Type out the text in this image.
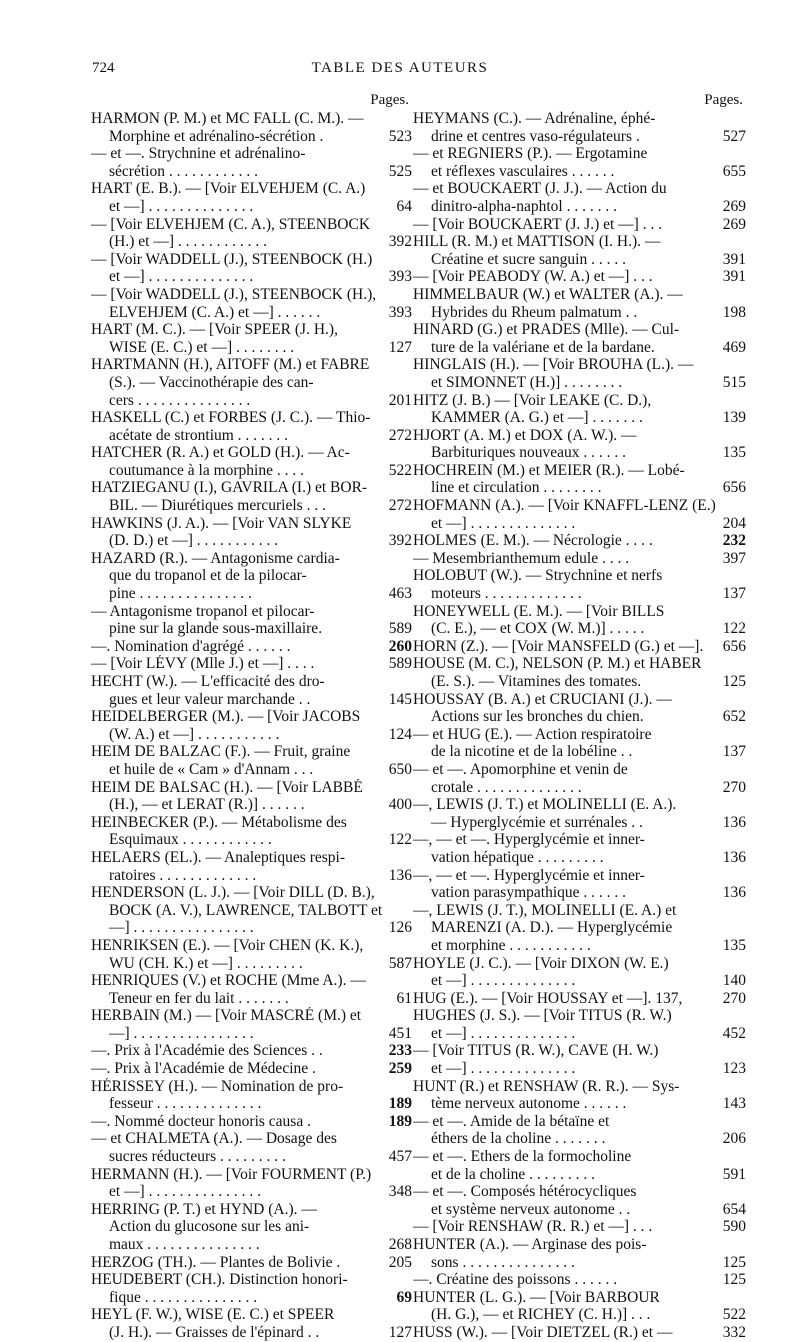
724	TABLE DES AUTEURS
Pages.
HARMON (P. M.) et MC FALL (C. M.). —
Morphine et adrénalino-sécrétion .	523
— et —. Strychnine et adrénalino-
sécrétion . . . . . . . . . . . .	525
HART (E. B.). — [Voir ELVEHJEM (C. A.)
et —] . . . . . . . . . . . . . .	64
— [Voir ELVEHJEM (C. A.), STEENBOCK
(H.) et —] . . . . . . . . . . . .	392
— [Voir WADDELL (J.), STEENBOCK (H.)
et —] . . . . . . . . . . . . . .	393
— [Voir WADDELL (J.), STEENBOCK (H.),
ELVEHJEM (C. A.) et —] . . . . . .	393
HART (M. C.). — [Voir SPEER (J. H.),
WISE (E. C.) et —] . . . . . . . .	127
HARTMANN (H.), AITOFF (M.) et FABRE
(S.). — Vaccinothérapie des can-
cers . . . . . . . . . . . . . . .	201
HASKELL (C.) et FORBES (J. C.). — Thio-
acétate de strontium . . . . . . .	272
HATCHER (R. A.) et GOLD (H.). — Ac-
coutumance à la morphine . . . .	522
HATZIEGANU (I.), GAVRILA (I.) et BOR-
BIL. — Diurétiques mercuriels . . .	272
HAWKINS (J. A.). — [Voir VAN SLYKE
(D. D.) et —] . . . . . . . . . . .	392
HAZARD (R.). — Antagonisme cardia-
que du tropanol et de la pilocar-
pine . . . . . . . . . . . . . . .	463
— Antagonisme tropanol et pilocar-
pine sur la glande sous-maxillaire.	589
—. Nomination d'agrégé . . . . . .	260
— [Voir LÉVY (Mlle J.) et —] . . . .	589
HECHT (W.). — L'efficacité des dro-
gues et leur valeur marchande . .	145
HEIDELBERGER (M.). — [Voir JACOBS
(W. A.) et —] . . . . . . . . . . .	124
HEIM DE BALZAC (F.). — Fruit, graine
et huile de « Cam » d'Annam . . .	650
HEIM DE BALSAC (H.). — [Voir LABBÉ
(H.), — et LERAT (R.)] . . . . . .	400
HEINBECKER (P.). — Métabolisme des
Esquimaux . . . . . . . . . . . .	122
HELAERS (EL.). — Analeptiques respi-
ratoires . . . . . . . . . . . . .	136
HENDERSON (L. J.). — [Voir DILL (D. B.),
BOCK (A. V.), LAWRENCE, TALBOTT et
—] . . . . . . . . . . . . . . . .	126
HENRIKSEN (E.). — [Voir CHEN (K. K.),
WU (CH. K.) et —] . . . . . . . . .	587
HENRIQUES (V.) et ROCHE (Mme A.). —
Teneur en fer du lait . . . . . . .	61
HERBAIN (M.) — [Voir MASCRÉ (M.) et
—] . . . . . . . . . . . . . . . .	451
—. Prix à l'Académie des Sciences . .	233
—. Prix à l'Académie de Médecine .	259
HÉRISSEY (H.). — Nomination de pro-
fesseur . . . . . . . . . . . . . .	189
—. Nommé docteur honoris causa .	189
— et CHALMETA (A.). — Dosage des
sucres réducteurs . . . . . . . . .	457
HERMANN (H.). — [Voir FOURMENT (P.)
et —] . . . . . . . . . . . . . . .	348
HERRING (P. T.) et HYND (A.). —
Action du glucosone sur les ani-
maux . . . . . . . . . . . . . . .	268
HERZOG (TH.). — Plantes de Bolivie .	205
HEUDEBERT (CH.). Distinction honori-
fique . . . . . . . . . . . . . . .	69
HEYL (F. W.), WISE (E. C.) et SPEER
(J. H.). — Graisses de l'épinard . .	127
Pages.
HEYMANS (C.). — Adrénaline, éphé-
drine et centres vaso-régulateurs .	527
— et REGNIERS (P.). — Ergotamine
et réflexes vasculaires . . . . . .	655
— et BOUCKAERT (J. J.). — Action du
dinitro-alpha-naphtol . . . . . . .	269
— [Voir BOUCKAERT (J. J.) et —] . . .	269
HILL (R. M.) et MATTISON (I. H.). —
Créatine et sucre sanguin . . . . .	391
— [Voir PEABODY (W. A.) et —] . . .	391
HIMMELBAUR (W.) et WALTER (A.). —
Hybrides du Rheum palmatum . .	198
HINARD (G.) et PRADES (Mlle). — Cul-
ture de la valériane et de la bardane.	469
HINGLAIS (H.). — [Voir BROUHA (L.). —
et SIMONNET (H.)] . . . . . . . .	515
HITZ (J. B.) — [Voir LEAKE (C. D.),
KAMMER (A. G.) et —] . . . . . . .	139
HJORT (A. M.) et DOX (A. W.). —
Barbituriques nouveaux . . . . . .	135
HOCHREIN (M.) et MEIER (R.). — Lobé-
line et circulation . . . . . . . .	656
HOFMANN (A.). — [Voir KNAFFL-LENZ (E.)
et —] . . . . . . . . . . . . . .	204
HOLMES (E. M.). — Nécrologie . . . .	232
— Mesembrianthemum edule . . . .	397
HOLOBUT (W.). — Strychnine et nerfs
moteurs . . . . . . . . . . . . .	137
HONEYWELL (E. M.). — [Voir BILLS
(C. E.), — et COX (W. M.)] . . . . .	122
HORN (Z.). — [Voir MANSFELD (G.) et —].	656
HOUSE (M. C.), NELSON (P. M.) et HABER
(E. S.). — Vitamines des tomates.	125
HOUSSAY (B. A.) et CRUCIANI (J.). —
Actions sur les bronches du chien.	652
— et HUG (E.). — Action respiratoire
de la nicotine et de la lobéline . .	137
— et —. Apomorphine et venin de
crotale . . . . . . . . . . . . . .	270
—, LEWIS (J. T.) et MOLINELLI (E. A.).
— Hyperglycémie et surrénales . .	136
—, — et —. Hyperglycémie et inner-
vation hépatique . . . . . . . . .	136
—, — et —. Hyperglycémie et inner-
vation parasympathique . . . . . .	136
—, LEWIS (J. T.), MOLINELLI (E. A.) et
MARENZI (A. D.). — Hyperglycémie
et morphine . . . . . . . . . . .	135
HOYLE (J. C.). — [Voir DIXON (W. E.)
et —] . . . . . . . . . . . . . .	140
HUG (E.). — [Voir HOUSSAY et —]. 137,	270
HUGHES (J. S.). — [Voir TITUS (R. W.)
et —] . . . . . . . . . . . . . .	452
— [Voir TITUS (R. W.), CAVE (H. W.)
et —] . . . . . . . . . . . . . .	123
HUNT (R.) et RENSHAW (R. R.). — Sys-
tème nerveux autonome . . . . . .	143
— et —. Amide de la bétaïne et
éthers de la choline . . . . . . .	206
— et —. Ethers de la formocholine
et de la choline . . . . . . . . .	591
— et —. Composés hétérocycliques
et système nerveux autonome . .	654
— [Voir RENSHAW (R. R.) et —] . . .	590
HUNTER (A.). — Arginase des pois-
sons . . . . . . . . . . . . . . .	125
—. Créatine des poissons . . . . . .	125
HUNTER (L. G.). — [Voir BARBOUR
(H. G.), — et RICHEY (C. H.)] . . .	522
HUSS (W.). — [Voir DIETZEL (R.) et —	332
